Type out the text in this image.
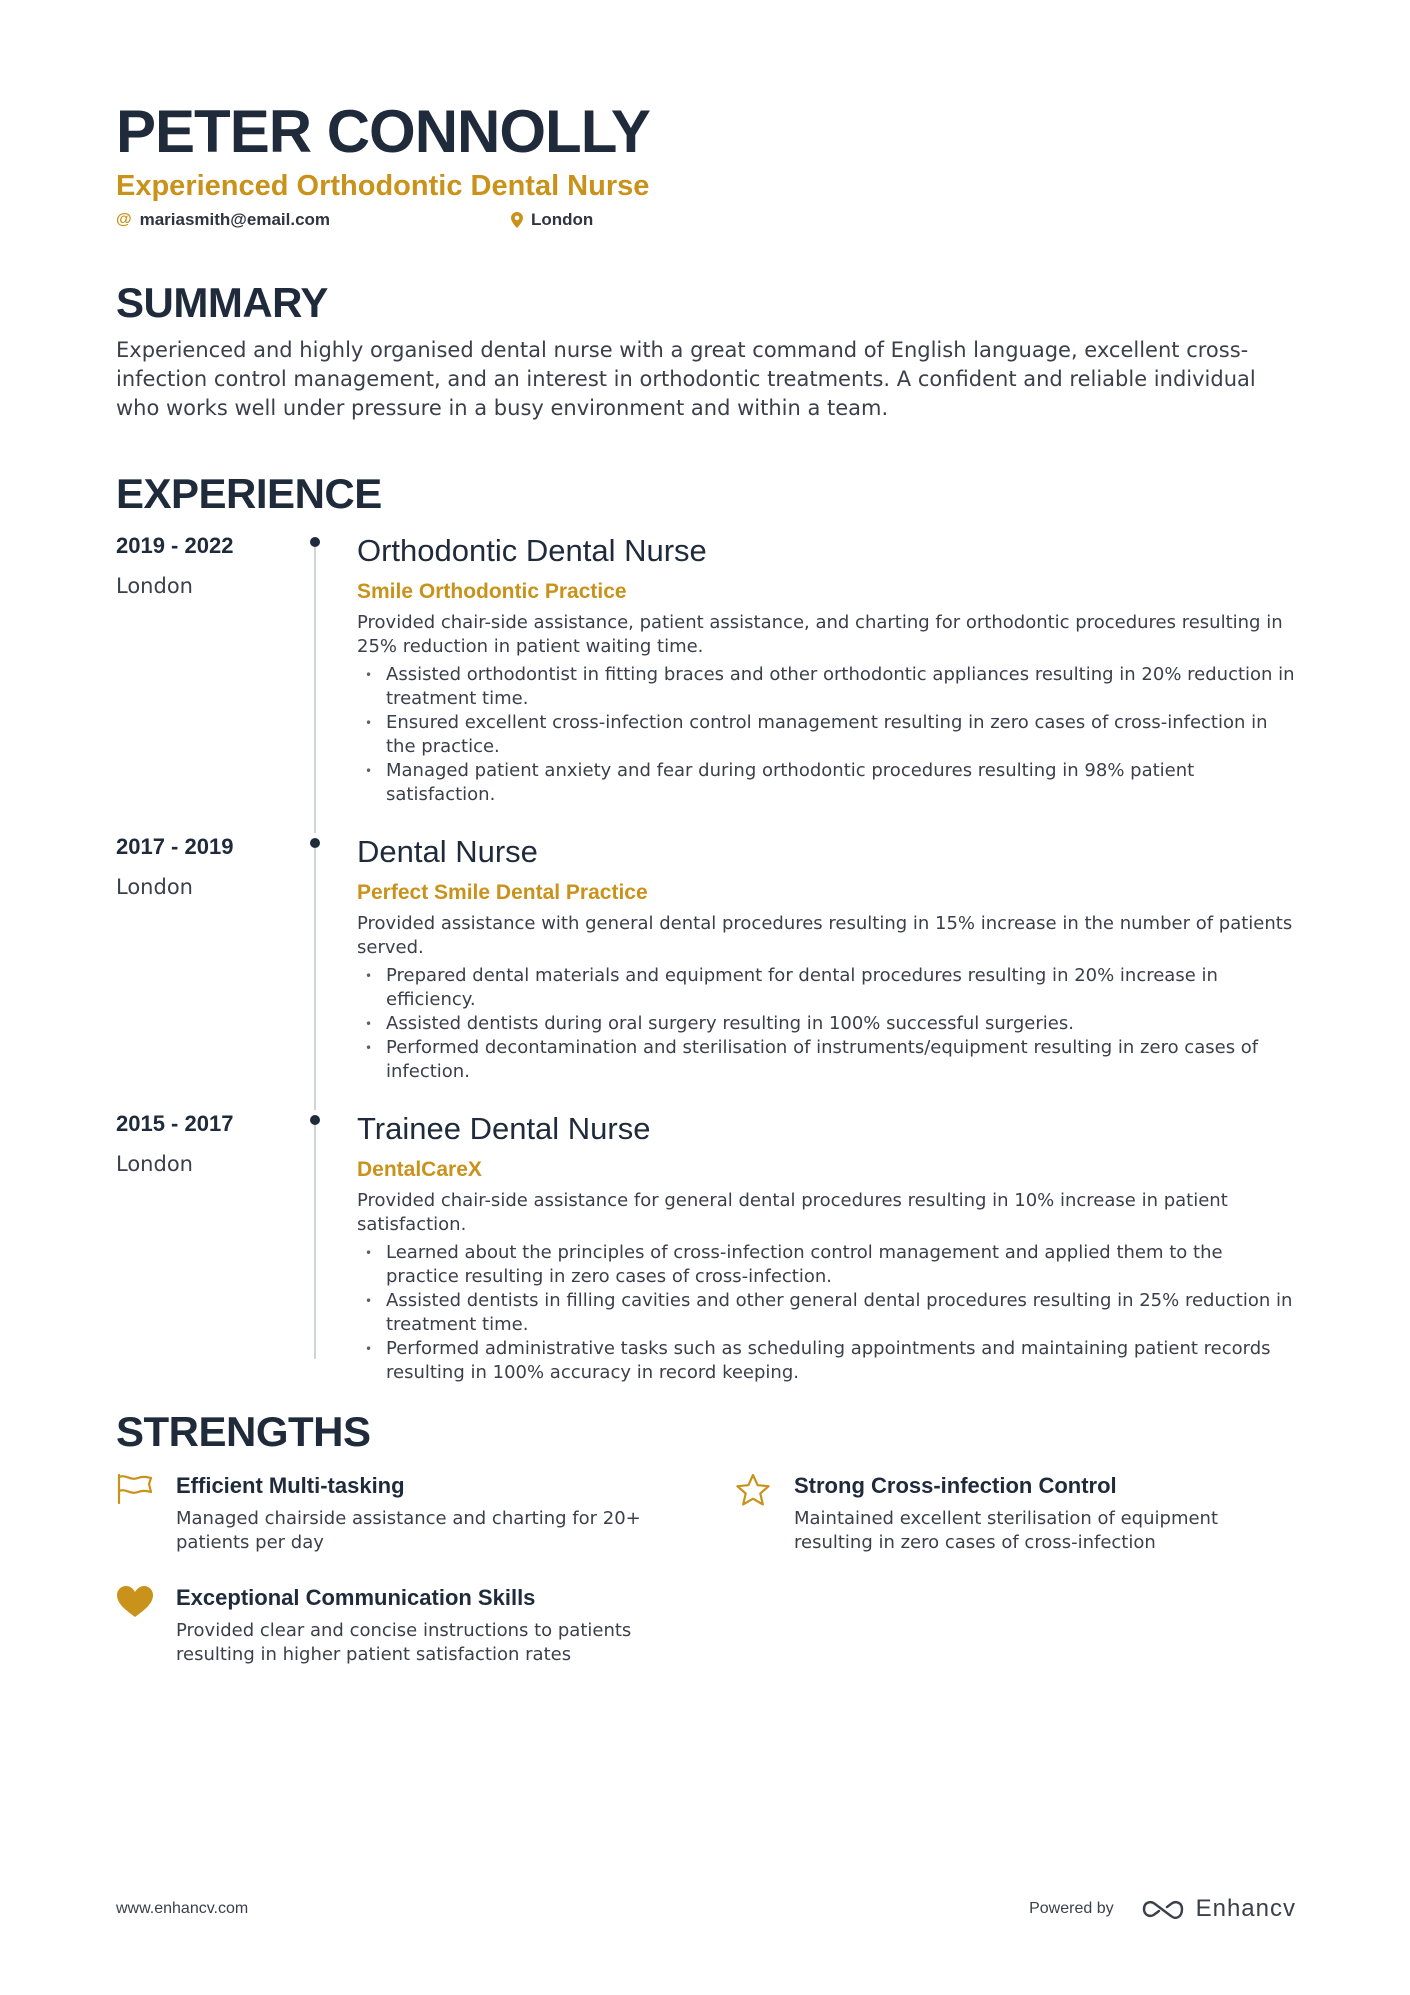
PETER CONNOLLY
Experienced Orthodontic Dental Nurse
@ mariasmith@email.com	London
SUMMARY
Experienced and highly organised dental nurse with a great command of English language, excellent cross-infection control management, and an interest in orthodontic treatments. A confident and reliable individual who works well under pressure in a busy environment and within a team.
EXPERIENCE
2019 - 2022
London
Orthodontic Dental Nurse
Smile Orthodontic Practice
Provided chair-side assistance, patient assistance, and charting for orthodontic procedures resulting in 25% reduction in patient waiting time.
• Assisted orthodontist in fitting braces and other orthodontic appliances resulting in 20% reduction in treatment time.
• Ensured excellent cross-infection control management resulting in zero cases of cross-infection in the practice.
• Managed patient anxiety and fear during orthodontic procedures resulting in 98% patient satisfaction.
2017 - 2019
London
Dental Nurse
Perfect Smile Dental Practice
Provided assistance with general dental procedures resulting in 15% increase in the number of patients served.
• Prepared dental materials and equipment for dental procedures resulting in 20% increase in efficiency.
• Assisted dentists during oral surgery resulting in 100% successful surgeries.
• Performed decontamination and sterilisation of instruments/equipment resulting in zero cases of infection.
2015 - 2017
London
Trainee Dental Nurse
DentalCareX
Provided chair-side assistance for general dental procedures resulting in 10% increase in patient satisfaction.
• Learned about the principles of cross-infection control management and applied them to the practice resulting in zero cases of cross-infection.
• Assisted dentists in filling cavities and other general dental procedures resulting in 25% reduction in treatment time.
• Performed administrative tasks such as scheduling appointments and maintaining patient records resulting in 100% accuracy in record keeping.
STRENGTHS
Efficient Multi-tasking
Managed chairside assistance and charting for 20+ patients per day
Strong Cross-infection Control
Maintained excellent sterilisation of equipment resulting in zero cases of cross-infection
Exceptional Communication Skills
Provided clear and concise instructions to patients resulting in higher patient satisfaction rates
www.enhancv.com	Powered by	Enhancv
